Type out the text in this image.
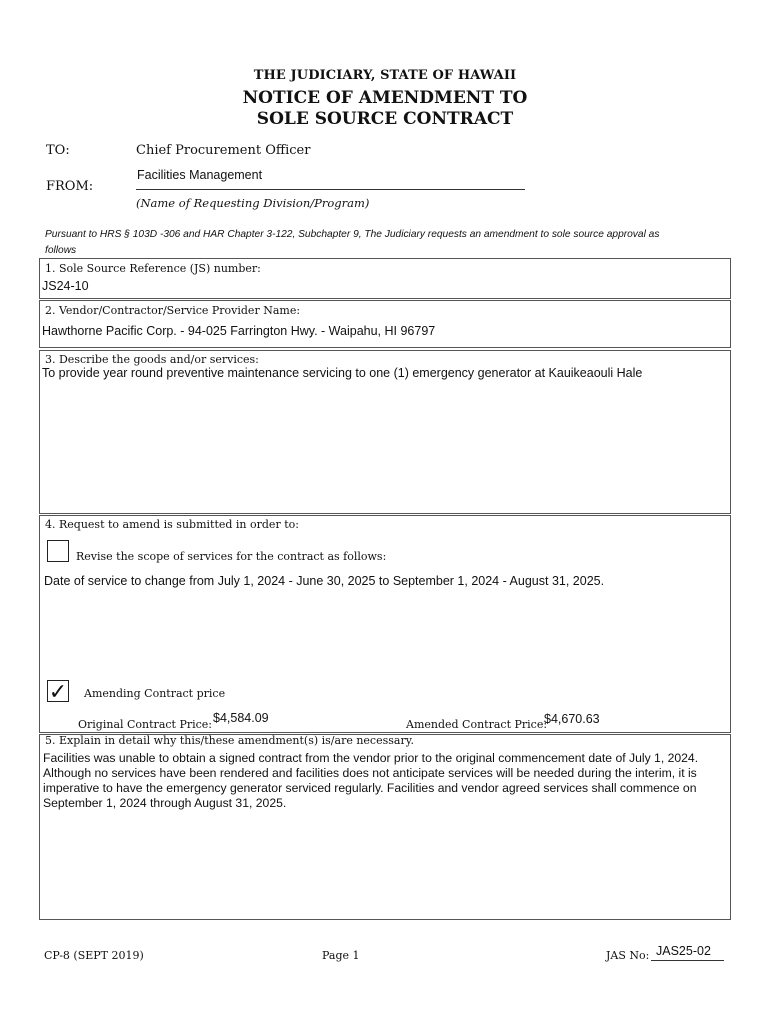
THE JUDICIARY, STATE OF HAWAII
NOTICE OF AMENDMENT TO
SOLE SOURCE CONTRACT
TO:	Chief Procurement Officer
FROM:
Facilities Management
(Name of Requesting Division/Program)
Pursuant to HRS § 103D -306 and HAR Chapter 3-122, Subchapter 9, The Judiciary requests an amendment to sole source approval as
follows
1. Sole Source Reference (JS) number:
JS24-10
2. Vendor/Contractor/Service Provider Name:
Hawthorne Pacific Corp. - 94-025 Farrington Hwy. - Waipahu, HI 96797
3. Describe the goods and/or services:
To provide year round preventive maintenance servicing to one (1) emergency generator at Kauikeaouli Hale
4. Request to amend is submitted in order to:
Revise the scope of services for the contract as follows:
Date of service to change from July 1, 2024 - June 30, 2025 to September 1, 2024 - August 31, 2025.
✓ Amending Contract price
Original Contract Price: $4,584.09	Amended Contract Price:
$4,670.63
5. Explain in detail why this/these amendment(s) is/are necessary.
Facilities was unable to obtain a signed contract from the vendor prior to the original commencement date of July 1, 2024.
Although no services have been rendered and facilities does not anticipate services will be needed during the interim, it is
imperative to have the emergency generator serviced regularly. Facilities and vendor agreed services shall commence on
September 1, 2024 through August 31, 2025.
CP-8 (SEPT 2019)	Page 1	JAS No: JAS25-02
